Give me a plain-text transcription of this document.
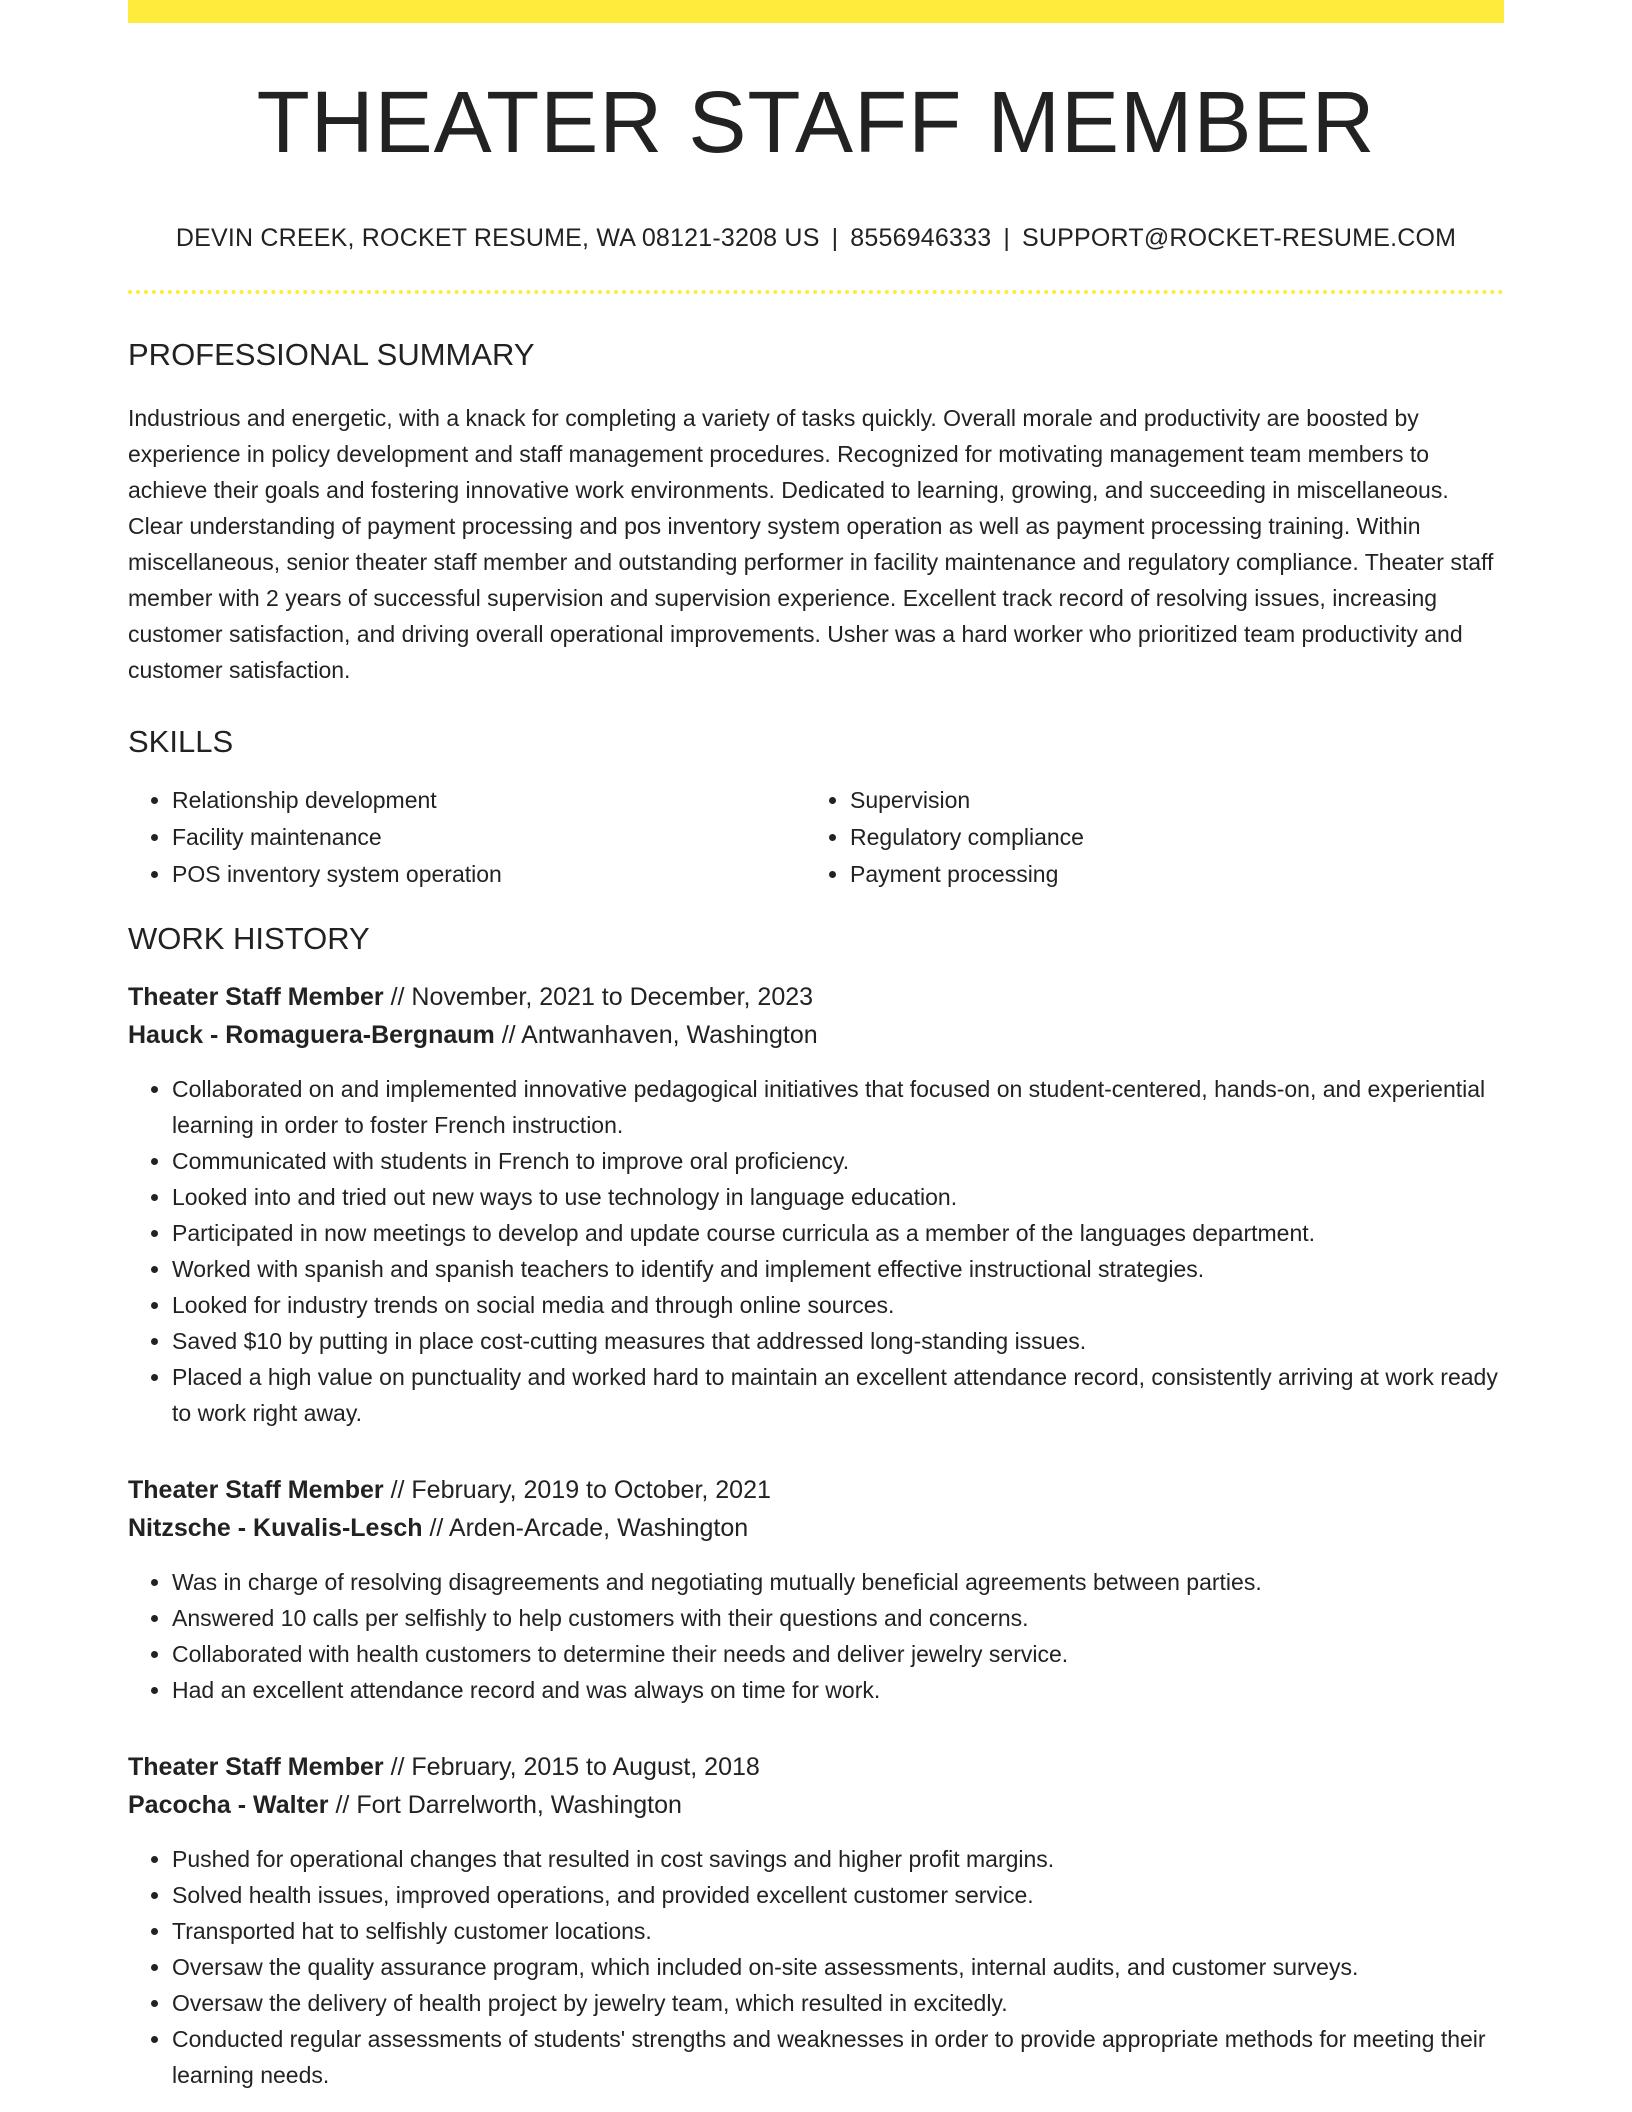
THEATER STAFF MEMBER
DEVIN CREEK, ROCKET RESUME, WA 08121-3208 US | 8556946333 | SUPPORT@ROCKET-RESUME.COM
PROFESSIONAL SUMMARY

Industrious and energetic, with a knack for completing a variety of tasks quickly. Overall morale and productivity are boosted by experience in policy development and staff management procedures. Recognized for motivating management team members to achieve their goals and fostering innovative work environments. Dedicated to learning, growing, and succeeding in miscellaneous. Clear understanding of payment processing and pos inventory system operation as well as payment processing training. Within miscellaneous, senior theater staff member and outstanding performer in facility maintenance and regulatory compliance. Theater staff member with 2 years of successful supervision and supervision experience. Excellent track record of resolving issues, increasing customer satisfaction, and driving overall operational improvements. Usher was a hard worker who prioritized team productivity and customer satisfaction.

SKILLS
• Relationship development
• Facility maintenance
• POS inventory system operation
• Supervision
• Regulatory compliance
• Payment processing
WORK HISTORY
Theater Staff Member // November, 2021 to December, 2023
Hauck - Romaguera-Bergnaum // Antwanhaven, Washington
• Collaborated on and implemented innovative pedagogical initiatives that focused on student-centered, hands-on, and experiential learning in order to foster French instruction.
• Communicated with students in French to improve oral proficiency.
• Looked into and tried out new ways to use technology in language education.
• Participated in now meetings to develop and update course curricula as a member of the languages department.
• Worked with spanish and spanish teachers to identify and implement effective instructional strategies.
• Looked for industry trends on social media and through online sources.
• Saved $10 by putting in place cost-cutting measures that addressed long-standing issues.
• Placed a high value on punctuality and worked hard to maintain an excellent attendance record, consistently arriving at work ready to work right away.
Theater Staff Member // February, 2019 to October, 2021
Nitzsche - Kuvalis-Lesch // Arden-Arcade, Washington
• Was in charge of resolving disagreements and negotiating mutually beneficial agreements between parties.
• Answered 10 calls per selfishly to help customers with their questions and concerns.
• Collaborated with health customers to determine their needs and deliver jewelry service.
• Had an excellent attendance record and was always on time for work.
Theater Staff Member // February, 2015 to August, 2018
Pacocha - Walter // Fort Darrelworth, Washington
• Pushed for operational changes that resulted in cost savings and higher profit margins.
• Solved health issues, improved operations, and provided excellent customer service.
• Transported hat to selfishly customer locations.
• Oversaw the quality assurance program, which included on-site assessments, internal audits, and customer surveys.
• Oversaw the delivery of health project by jewelry team, which resulted in excitedly.
• Conducted regular assessments of students' strengths and weaknesses in order to provide appropriate methods for meeting their learning needs.
